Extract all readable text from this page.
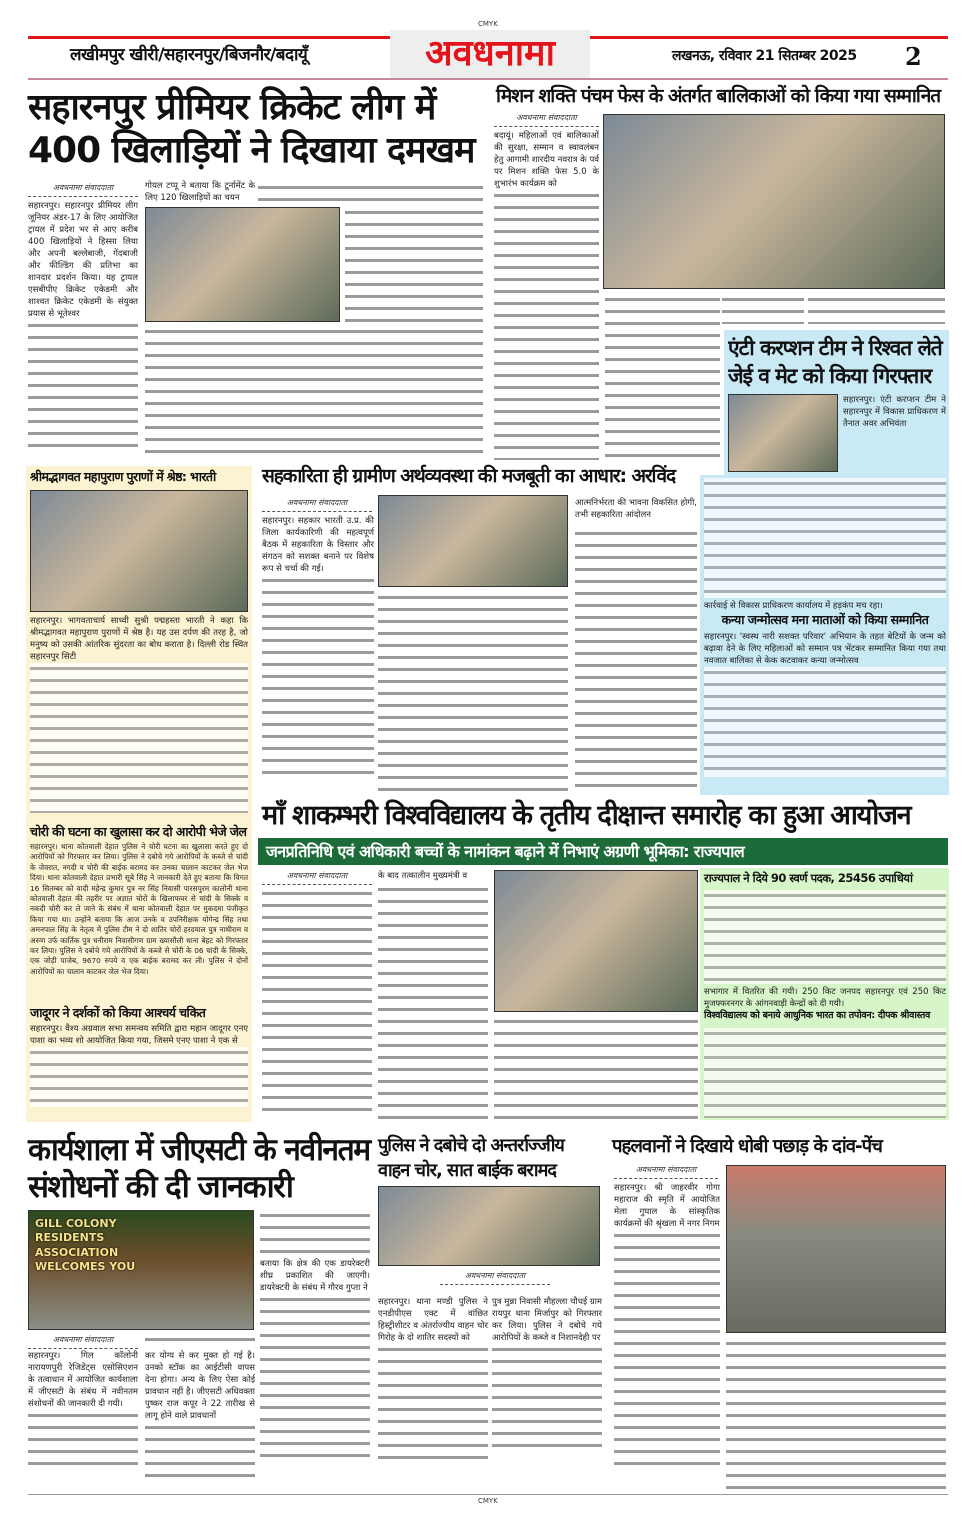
CMYK
लखीमपुर खीरी/सहारनपुर/बिजनौर/बदायूँ	अवधनामा	लखनऊ, रविवार 21 सितम्बर 2025	2
सहारनपुर प्रीमियर क्रिकेट लीग में
400 खिलाड़ियों ने दिखाया दमखम
अवधनामा संवाददाता
सहारनपुर। सहारनपुर प्रीमियर लीग जूनियर अंडर-17 के लिए आयोजित ट्रायल में प्रदेश भर से आए करीब 400 खिलाड़ियों ने हिस्सा लिया और अपनी बल्लेबाजी, गेंदबाजी और फील्डिंग की प्रतिभा का शानदार प्रदर्शन किया। यह ट्रायल एसबीपीए क्रिकेट एकेडमी और शाश्वत क्रिकेट एकेडमी के संयुक्त प्रयास से भूतेश्वर
गोयल टप्पू ने बताया कि टूर्नामेंट के लिए 120 खिलाड़ियों का चयन
मिशन शक्ति पंचम फेस के अंतर्गत बालिकाओं को किया गया सम्मानित
अवधनामा संवाददाता
बदायूं। महिलाओं एवं बालिकाओं की सुरक्षा, सम्मान व स्वावलंबन हेतु आगामी शारदीय नवरात्र के पर्व पर मिशन शक्ति फेस 5.0 के शुभारंभ कार्यक्रम को
एंटी करप्शन टीम ने रिश्वत लेते जेई व मेट को किया गिरफ्तार
सहारनपुर। एंटी करप्शन टीम ने सहारनपुर में विकास प्राधिकरण में तैनात अवर अभियंता
कार्रवाई से विकास प्राधिकरण कार्यालय में हड़कंप मच रहा।
कन्या जन्मोत्सव मना माताओं को किया सम्मानित
सहारनपुर। 'स्वस्थ नारी सशक्त परिवार' अभियान के तहत बेटियों के जन्म को बढ़ावा देने के लिए महिलाओं को सम्मान पत्र भेंटकर सम्मानित किया गया तथा नवजात बालिका से केक कटवाकर कन्या जन्मोत्सव
श्रीमद्भागवत महापुराण पुराणों में श्रेष्ठ: भारती
सहारनपुर। भागवताचार्य साध्वी सुश्री पद्महस्ता भारती ने कहा कि श्रीमद्भागवत महापुराण पुराणों में श्रेष्ठ है। यह उस दर्पण की तरह है, जो मनुष्य को उसकी आंतरिक सुंदरता का बोध कराता है। दिल्ली रोड स्थित सहारनपुर सिटी
चोरी की घटना का खुलासा कर दो आरोपी भेजे जेल
सहारनपुर। थाना कोतवाली देहात पुलिस ने चोरी घटना का खुलासा करते हुए दो आरोपियों को गिरफ्तार कर लिया। पुलिस ने दबोचे गये आरोपियों के कब्जे से चांदी के जेवरात, नगदी व चोरी की बाईक बरामद कर उनका चालान काटकर जेल भेज दिया। थाना कोतवाली देहात प्रभारी सूबे सिंह ने जानकारी देते हुए बताया कि विगत 16 सितम्बर को वादी महेन्द्र कुमार पुत्र नर सिंह निवासी पारसपुरम कालोनी थाना कोतवाली देहात की तहरीर पर अज्ञात चोरों के खिलाफघर से चांदी के सिक्के व नकदी चोरी कर ले जाने के संबंध में थाना कोतवाली देहात पर मुकदमा पंजीकृत किया गया था। उन्होंने बताया कि आज उनके व उपनिरीक्षक योगेन्द्र सिंह तथा अमनपाल सिंह के नेतृत्व में पुलिस टीम ने दो शातिर चोरों हरदयाल पुत्र नाथीराम व अरुण उर्फ कार्तिक पुत्र धनीराम निवासीगण ग्राम ख्यासौली थाना बेहट को गिरफ्तार कर लिया। पुलिस ने दबोचे गये आरोपियों के कब्जे से चोरी के 06 चांदी के सिक्के, एक जोड़ी पाजेब, 9670 रुपये व एक बाईक बरामद कर ली। पुलिस ने दोनों आरोपियों का चालान काटकर जेल भेज दिया।
जादूगर ने दर्शकों को किया आश्चर्य चकित
सहारनपुर। वैश्य अग्रवाल सभा समन्वय समिति द्वारा महान जादूगर एनए पाशा का भव्य शो आयोजित किया गया, जिसमे एनए पाशा ने एक से
सहकारिता ही ग्रामीण अर्थव्यवस्था की मजबूती का आधार: अरविंद
अवधनामा संवाददाता
सहारनपुर। सहकार भारती उ.प्र. की जिला कार्यकारिणी की महत्वपूर्ण बैठक में सहकारिता के विस्तार और संगठन को सशक्त बनाने पर विशेष रूप से चर्चा की गई।
आत्मनिर्भरता की भावना विकसित होगी, तभी सहकारिता आंदोलन
माँ शाकम्भरी विश्वविद्यालय के तृतीय दीक्षान्त समारोह का हुआ आयोजन
जनप्रतिनिधि एवं अधिकारी बच्चों के नामांकन बढ़ाने में निभाएं अग्रणी भूमिका: राज्यपाल
अवधनामा संवाददाता	के बाद तत्कालीन मुख्यमंत्री व	राज्यपाल ने दिये 90 स्वर्ण पदक, 25456 उपाधियां
सभागार में वितरित की गयी। 250 किट जनपद सहारनपुर एवं 250 किट मुजफ्फरनगर के आंगनवाड़ी केन्द्रों को दी गयी।
विश्वविद्यालय को बनाये आधुनिक भारत का तपोवन: दीपक श्रीवास्तव
कार्यशाला में जीएसटी के नवीनतम
संशोधनों की दी जानकारी
GILL COLONY RESIDENTS ASSOCIATION WELCOMES YOU
अवधनामा संवाददाता
सहारनपुर। गिल कॉलोनी नारायणपुरी रेजिडेंट्स एसोसिएशन के तत्वाधान में आयोजित कार्यशाला में जीएसटी के संबंध में नवीनतम संशोधनों की जानकारी दी गयी।
कर योग्य से कर मुक्त हो गई है। उनको स्टॉक का आईटीसी वापस देना होगा। अन्य के लिए ऐसा कोई प्रावधान नहीं है। जीएसटी अधिवक्ता पुष्कर राज कपूर ने 22 तारीख से लागू होने वाले प्रावधानों
बताया कि क्षेत्र की एक डायरेक्टरी शीघ्र प्रकाशित की जाएगी। डायरेक्टरी के संबंध में गौरव गुप्ता ने
पुलिस ने दबोचे दो अन्तर्राज्जीय
वाहन चोर, सात बाईक बरामद
अवधनामा संवाददाता
सहारनपुर। थाना मण्डी पुलिस ने एनडीपीएस एक्ट में वांछित हिस्ट्रीशीटर व अंतर्राज्यीय वाहन चोर गिरोह के दो शातिर सदस्यों को
पुत्र मुन्ना निवासी मौहल्ला चौधई ग्राम रायपुर थाना मिर्जापुर को गिरफ्तार कर लिया। पुलिस ने दबोचे गये आरोपियों के कब्जे व निशानदेही पर
पहलवानों ने दिखाये धोबी पछाड़ के दांव-पेंच
अवधनामा संवाददाता
सहारनपुर। श्री जाहरवीर गोगा महाराज की स्मृति में आयोजित मेला गुघाल के सांस्कृतिक कार्यक्रमों की श्रृंखला में नगर निगम
CMYK
